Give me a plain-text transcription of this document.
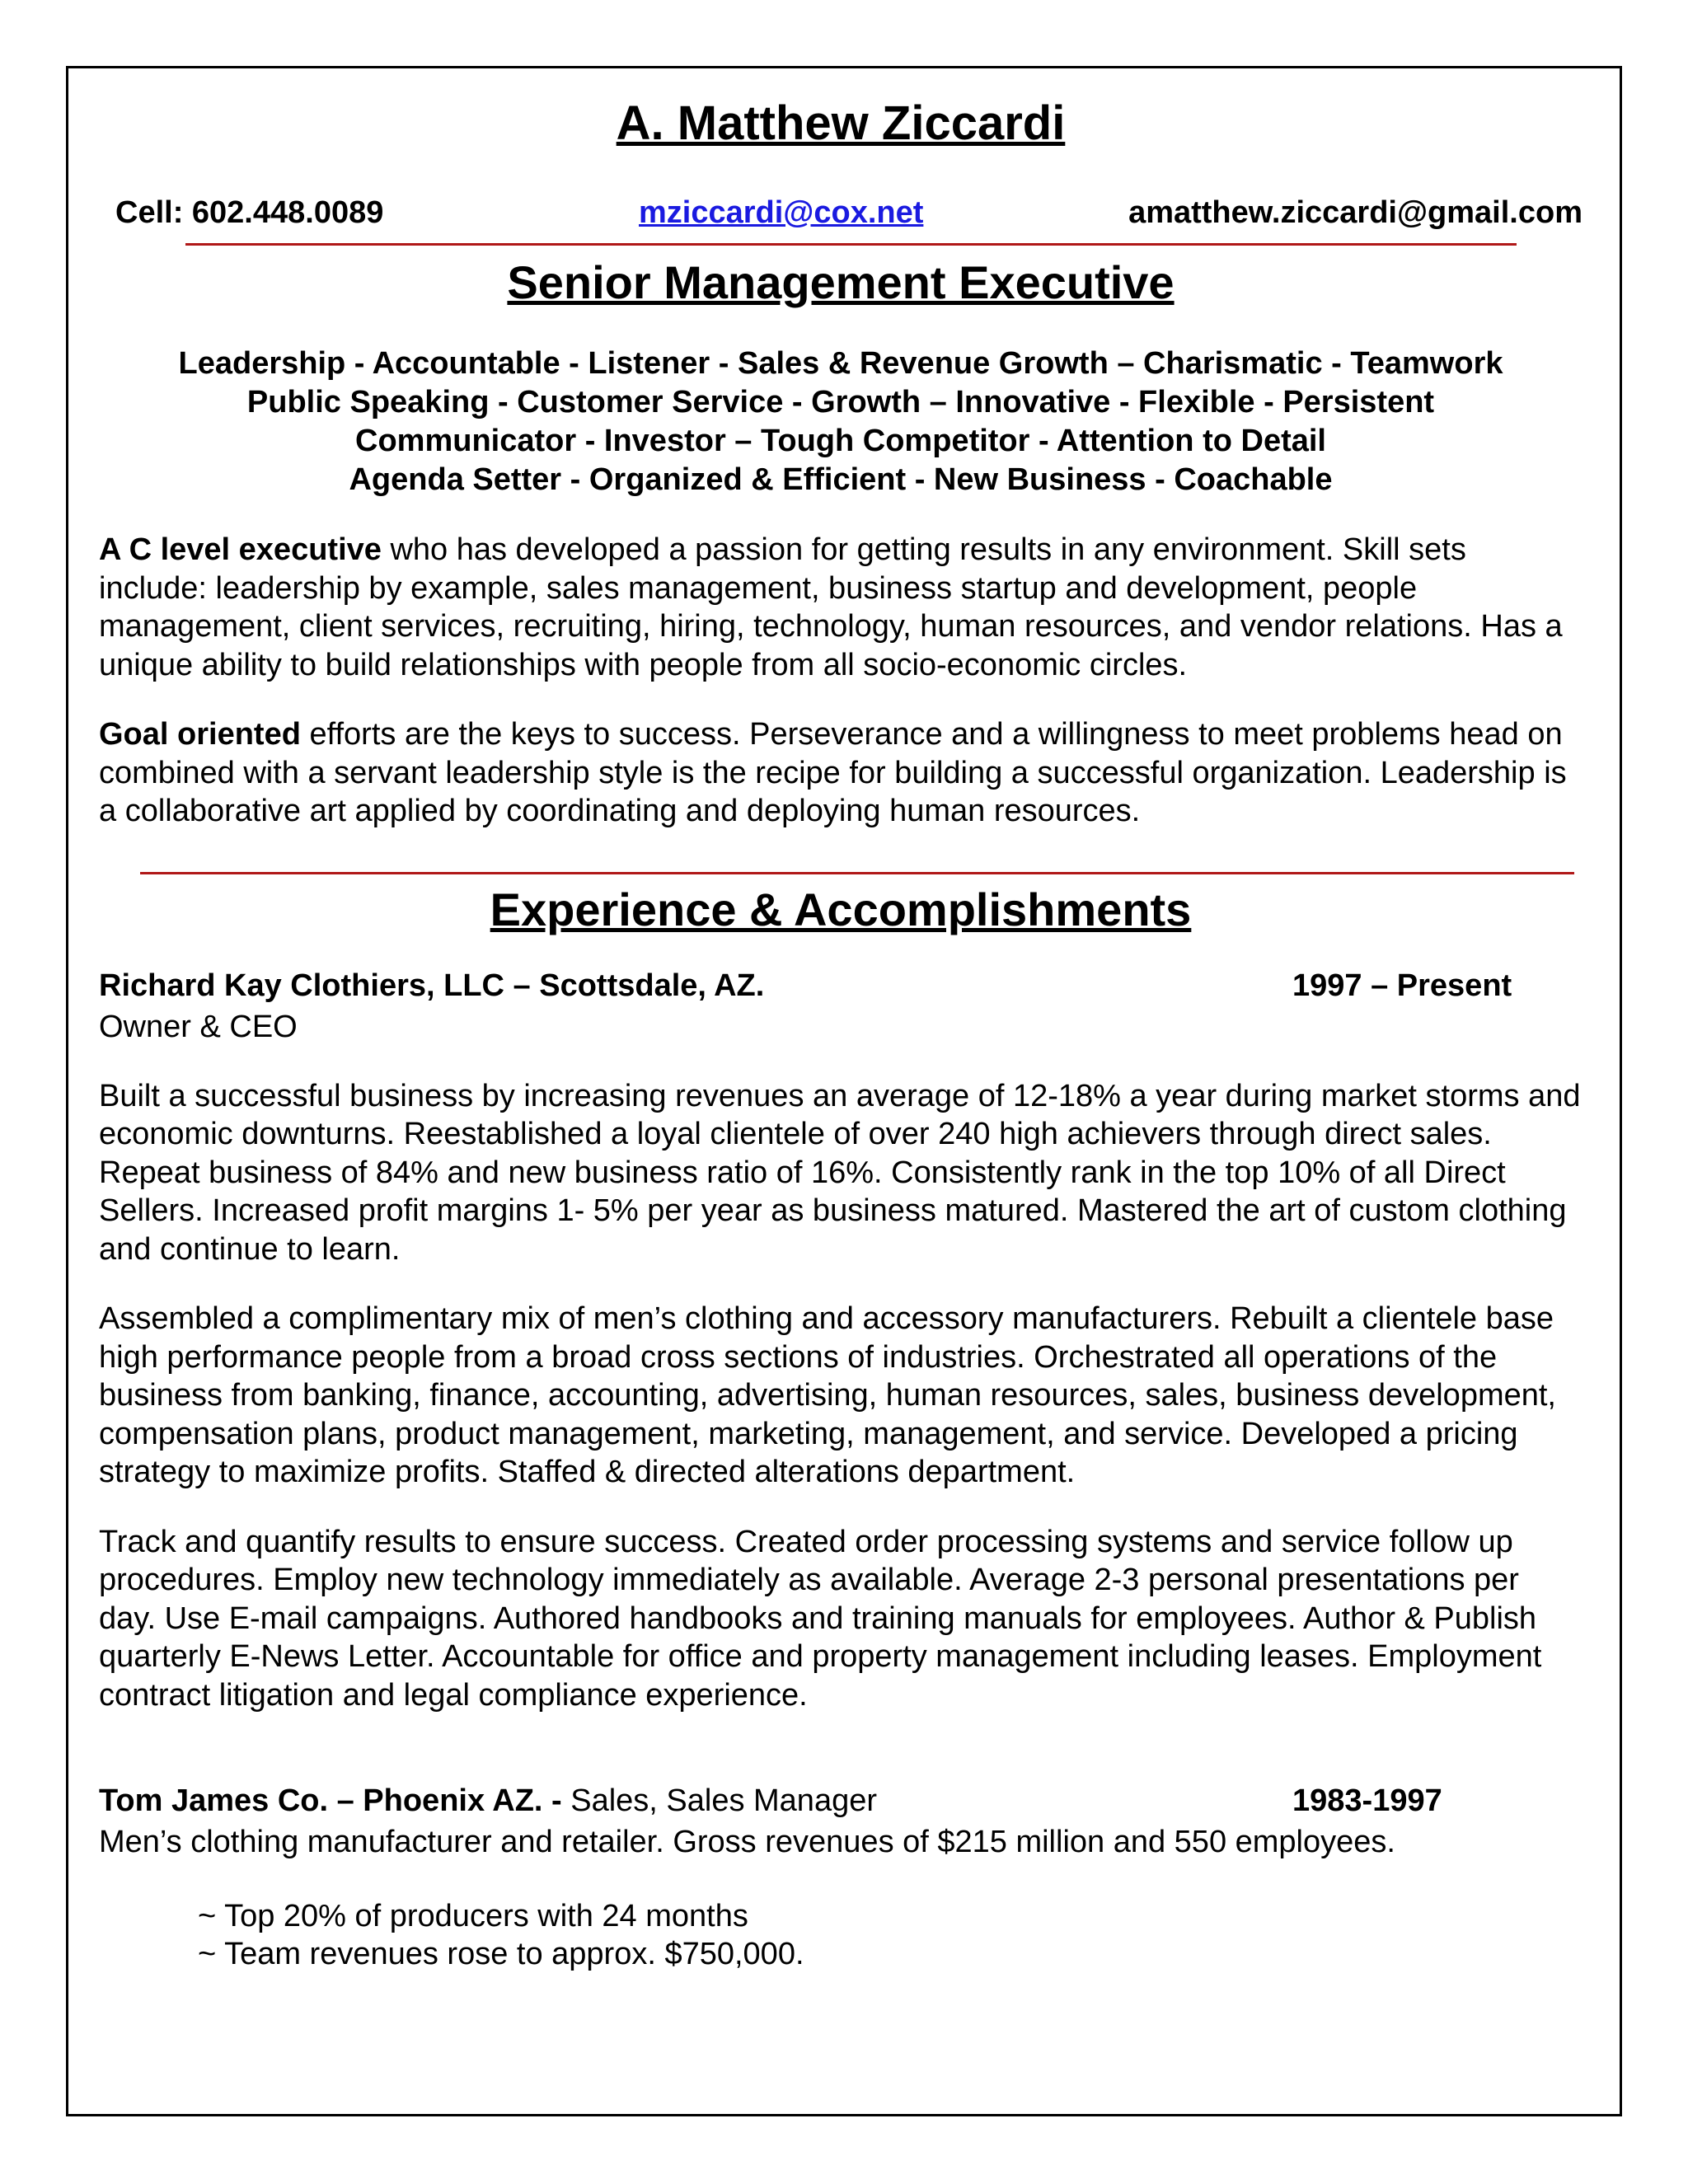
A. Matthew Ziccardi
Cell: 602.448.0089	mziccardi@cox.net	amatthew.ziccardi@gmail.com
Senior Management Executive
Leadership - Accountable - Listener - Sales & Revenue Growth – Charismatic - Teamwork
Public Speaking - Customer Service - Growth – Innovative - Flexible - Persistent
Communicator - Investor – Tough Competitor - Attention to Detail
Agenda Setter - Organized & Efficient - New Business - Coachable

A C level executive who has developed a passion for getting results in any environment. Skill sets include: leadership by example, sales management, business startup and development, people management, client services, recruiting, hiring, technology, human resources, and vendor relations. Has a unique ability to build relationships with people from all socio-economic circles.

Goal oriented efforts are the keys to success. Perseverance and a willingness to meet problems head on combined with a servant leadership style is the recipe for building a successful organization. Leadership is a collaborative art applied by coordinating and deploying human resources.

Experience & Accomplishments
Richard Kay Clothiers, LLC – Scottsdale, AZ.	1997 – Present
Owner & CEO

Built a successful business by increasing revenues an average of 12-18% a year during market storms and economic downturns. Reestablished a loyal clientele of over 240 high achievers through direct sales. Repeat business of 84% and new business ratio of 16%. Consistently rank in the top 10% of all Direct Sellers. Increased profit margins 1- 5% per year as business matured. Mastered the art of custom clothing and continue to learn.

Assembled a complimentary mix of men’s clothing and accessory manufacturers. Rebuilt a clientele base high performance people from a broad cross sections of industries. Orchestrated all operations of the business from banking, finance, accounting, advertising, human resources, sales, business development, compensation plans, product management, marketing, management, and service. Developed a pricing strategy to maximize profits. Staffed & directed alterations department.

Track and quantify results to ensure success. Created order processing systems and service follow up procedures. Employ new technology immediately as available. Average 2-3 personal presentations per day. Use E-mail campaigns. Authored handbooks and training manuals for employees. Author & Publish quarterly E-News Letter. Accountable for office and property management including leases. Employment contract litigation and legal compliance experience.

Tom James Co. – Phoenix AZ. - Sales, Sales Manager	1983-1997
Men’s clothing manufacturer and retailer. Gross revenues of $215 million and 550 employees.
~ Top 20% of producers with 24 months
~ Team revenues rose to approx. $750,000.
